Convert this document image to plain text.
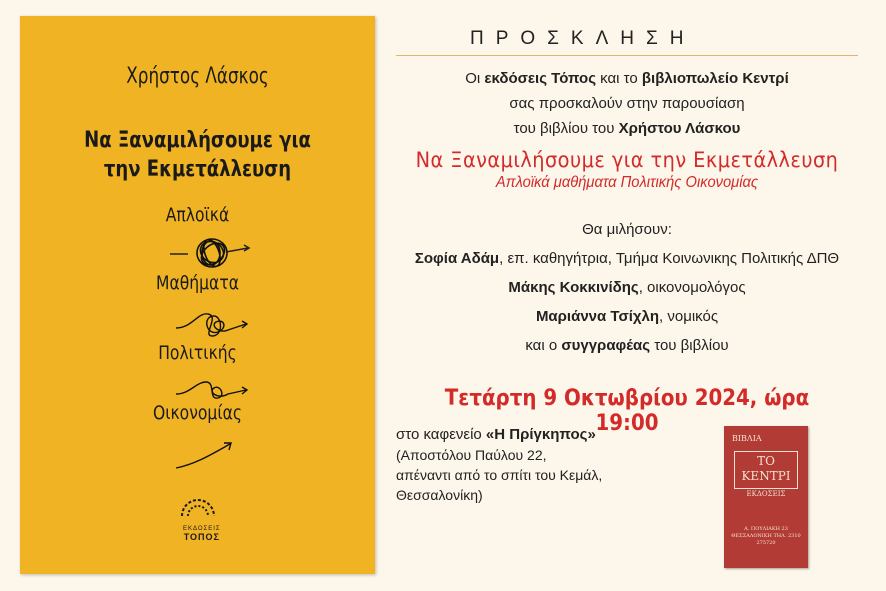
Χρήστος Λάσκος
Να Ξαναμιλήσουμε για
την Εκμετάλλευση
Απλοϊκά
Μαθήματα
Πολιτικής
Οικονομίας
ΕΚΔΟΣΕΙΣ
ΤΟΠΟΣ
ΠΡΟΣΚΛΗΣΗ
Οι εκδόσεις Τόπος και το βιβλιοπωλείο Κεντρί
σας προσκαλούν στην παρουσίαση
του βιβλίου του Χρήστου Λάσκου
Να Ξαναμιλήσουμε για την Εκμετάλλευση
Απλοϊκά μαθήματα Πολιτικής Οικονομίας
Θα μιλήσουν:
Σοφία Αδάμ, επ. καθηγήτρια, Τμήμα Κοινωνικης Πολιτικής ΔΠΘ
Μάκης Κοκκινίδης, οικονομολόγος
Μαριάννα Τσίχλη, νομικός
και ο συγγραφέας του βιβλίου
Τετάρτη 9 Οκτωβρίου 2024, ώρα 19:00
στο καφενείο «Η Πρίγκηπος»
(Αποστόλου Παύλου 22,
απέναντι από το σπίτι του Κεμάλ,
Θεσσαλονίκη)
ΒΙΒΛΙΑ
ΤΟ
ΚΕΝΤΡΙ
ΕΚΔΟΣΕΙΣ
Α. ΠΟΥΛΙΑΚΗ 23 ΘΕΣΣΑΛΟΝΙΚΗ ΤΗΛ. 2310 275720
